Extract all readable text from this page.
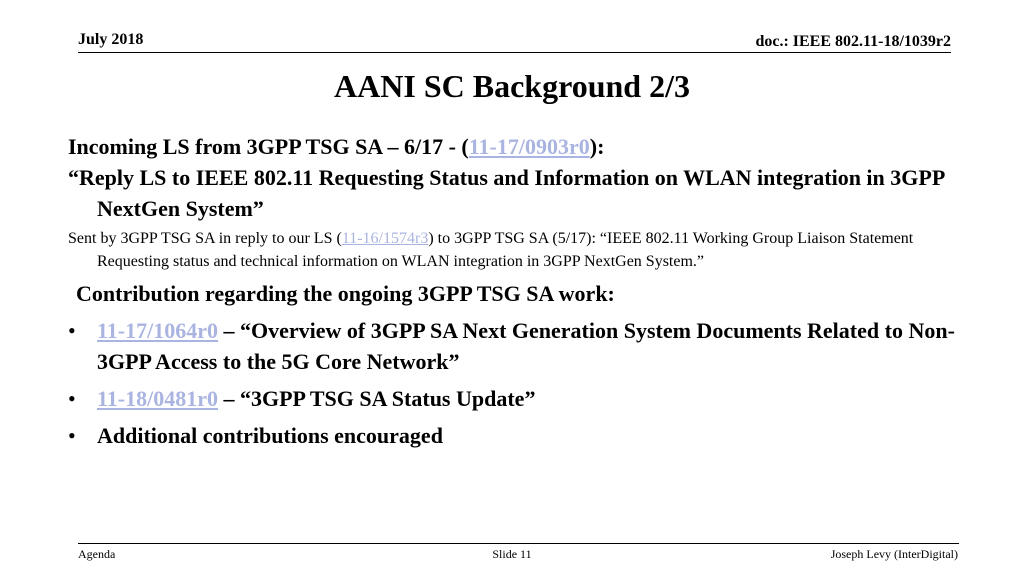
July 2018	doc.: IEEE 802.11-18/1039r2
AANI SC Background 2/3
Incoming LS from 3GPP TSG SA – 6/17 - (11-17/0903r0):
“Reply LS to IEEE 802.11 Requesting Status and Information on WLAN integration in 3GPP NextGen System”
Sent by 3GPP TSG SA in reply to our LS (11-16/1574r3) to 3GPP TSG SA (5/17): “IEEE 802.11 Working Group Liaison Statement Requesting status and technical information on WLAN integration in 3GPP NextGen System.”
Contribution regarding the ongoing 3GPP TSG SA work:
• 11-17/1064r0 – “Overview of 3GPP SA Next Generation System Documents Related to Non-3GPP Access to the 5G Core Network”
• 11-18/0481r0 – “3GPP TSG SA Status Update”
• Additional contributions encouraged
Agenda	Slide 11	Joseph Levy (InterDigital)
